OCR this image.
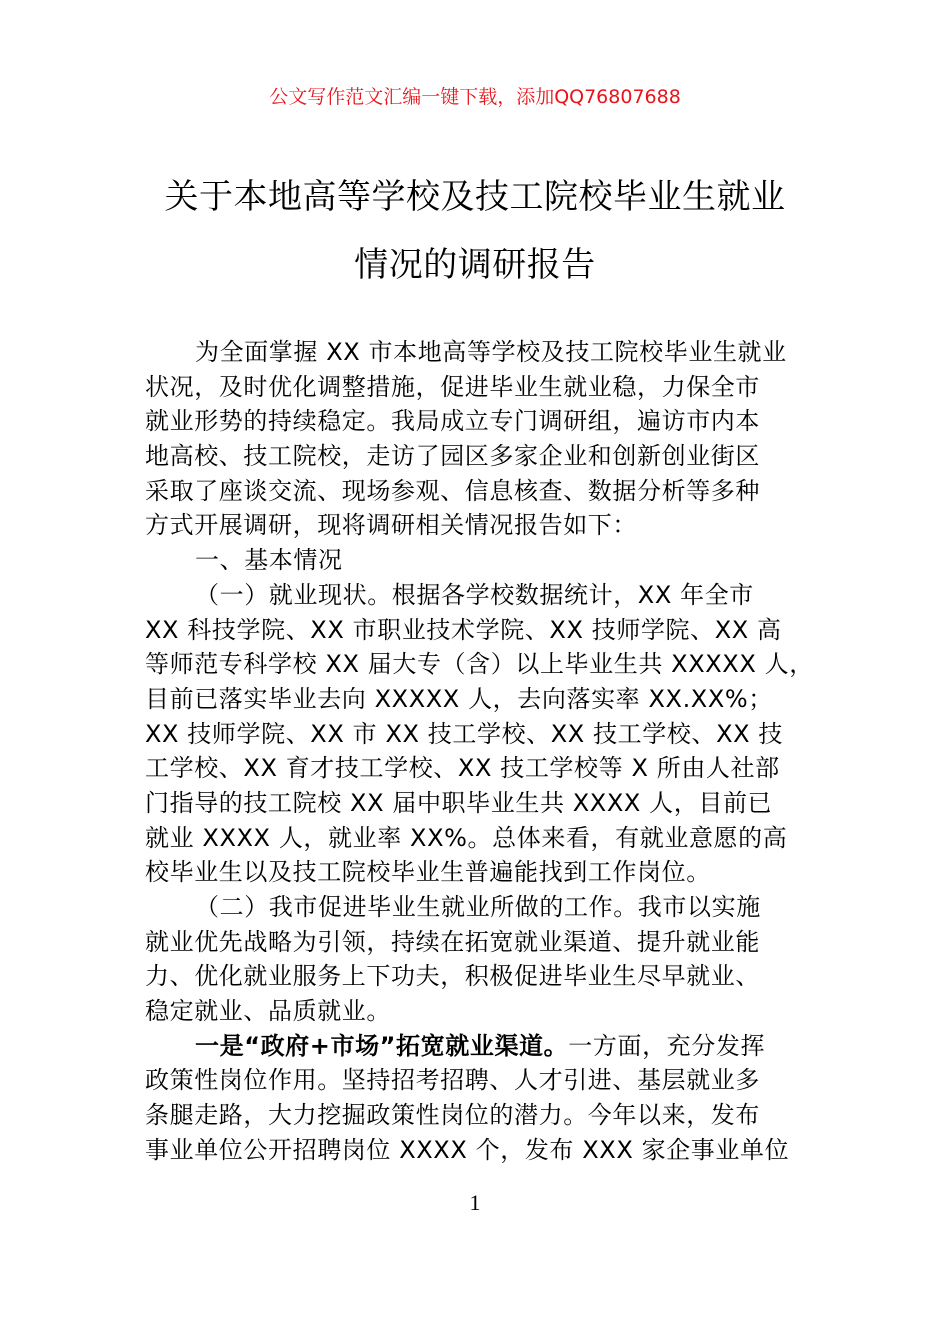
公文写作范文汇编一键下载，添加QQ76807688
关于本地高等学校及技工院校毕业生就业
情况的调研报告
为全面掌握 XX 市本地高等学校及技工院校毕业生就业
状况，及时优化调整措施，促进毕业生就业稳，力保全市
就业形势的持续稳定。我局成立专门调研组，遍访市内本
地高校、技工院校，走访了园区多家企业和创新创业街区
采取了座谈交流、现场参观、信息核查、数据分析等多种
方式开展调研，现将调研相关情况报告如下：
一、基本情况
（一）就业现状。根据各学校数据统计，XX 年全市
XX 科技学院、XX 市职业技术学院、XX 技师学院、XX 高
等师范专科学校 XX 届大专（含）以上毕业生共 XXXXX 人，
目前已落实毕业去向 XXXXX 人，去向落实率 XX.XX%；
XX 技师学院、XX 市 XX 技工学校、XX 技工学校、XX 技
工学校、XX 育才技工学校、XX 技工学校等 X 所由人社部
门指导的技工院校 XX 届中职毕业生共 XXXX 人，目前已
就业 XXXX 人，就业率 XX%。总体来看，有就业意愿的高
校毕业生以及技工院校毕业生普遍能找到工作岗位。
（二）我市促进毕业生就业所做的工作。我市以实施
就业优先战略为引领，持续在拓宽就业渠道、提升就业能
力、优化就业服务上下功夫，积极促进毕业生尽早就业、
稳定就业、品质就业。
一是“政府+市场”拓宽就业渠道。一方面，充分发挥
政策性岗位作用。坚持招考招聘、人才引进、基层就业多
条腿走路，大力挖掘政策性岗位的潜力。今年以来，发布
事业单位公开招聘岗位 XXXX 个，发布 XXX 家企事业单位
1
